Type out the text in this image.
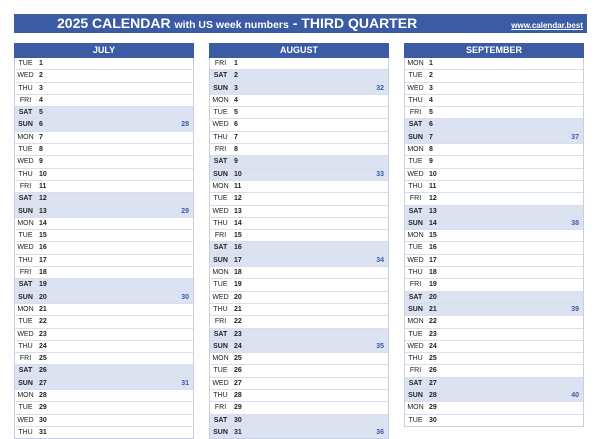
2025 CALENDAR with US week numbers - THIRD QUARTER	www.calendar.best
JULY
TUE 1
WED 2
THU 3
FRI	4
SAT 5
SUN 6	28
MON 7
TUE 8
WED 9
THU 10
FRI	11
SAT 12
SUN 13	29
MON 14
TUE 15
WED 16
THU 17
FRI	18
SAT 19
SUN 20	30
MON 21
TUE 22
WED 23
THU 24
FRI	25
SAT 26
SUN 27	31
MON 28
TUE 29
WED 30
THU 31
AUGUST
FRI	1
SAT 2
SUN 3	32
MON 4
TUE 5
WED 6
THU 7
FRI	8
SAT 9
SUN 10	33
MON 11
TUE 12
WED 13
THU 14
FRI	15
SAT 16
SUN 17	34
MON 18
TUE 19
WED 20
THU 21
FRI	22
SAT 23
SUN 24	35
MON 25
TUE 26
WED 27
THU 28
FRI	29
SAT 30
SUN 31	36
SEPTEMBER
MON 1
TUE 2
WED 3
THU 4
FRI	5
SAT 6
SUN 7	37
MON 8
TUE 9
WED 10
THU 11
FRI	12
SAT 13
SUN 14	38
MON 15
TUE 16
WED 17
THU 18
FRI	19
SAT 20
SUN 21	39
MON 22
TUE 23
WED 24
THU 25
FRI	26
SAT 27
SUN 28	40
MON 29
TUE 30
